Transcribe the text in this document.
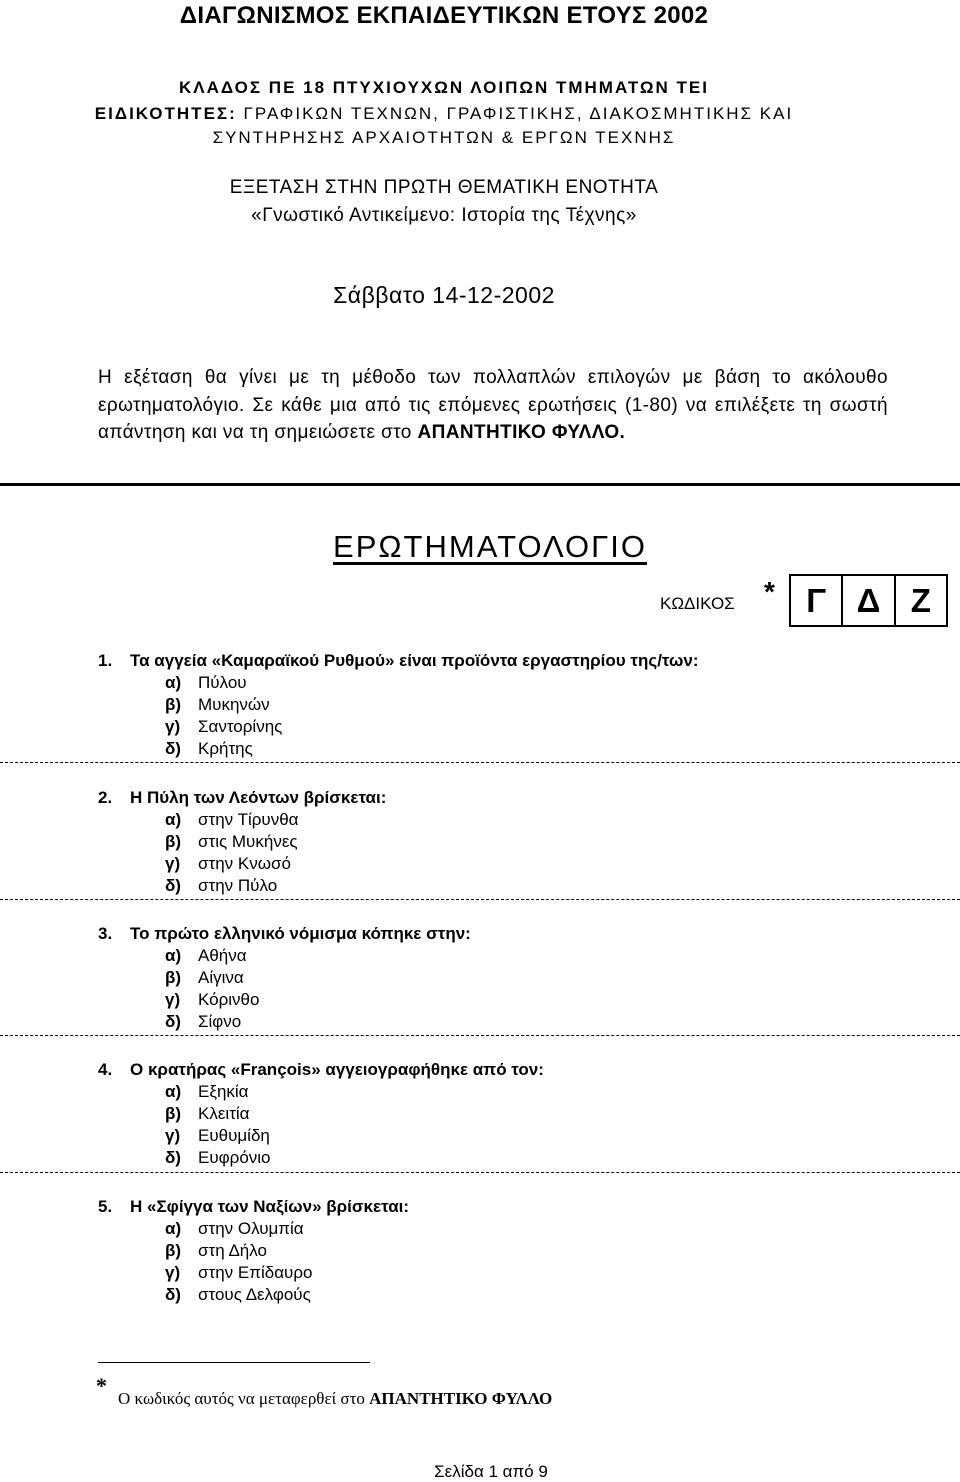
ΔΙΑΓΩΝΙΣΜΟΣ ΕΚΠΑΙΔΕΥΤΙΚΩΝ ΕΤΟΥΣ 2002
ΚΛΑΔΟΣ ΠΕ 18 ΠΤΥΧΙΟΥΧΩΝ ΛΟΙΠΩΝ ΤΜΗΜΑΤΩΝ ΤΕΙ
ΕΙΔΙΚΟΤΗΤΕΣ: ΓΡΑΦΙΚΩΝ ΤΕΧΝΩΝ, ΓΡΑΦΙΣΤΙΚΗΣ, ΔΙΑΚΟΣΜΗΤΙΚΗΣ ΚΑΙ
ΣΥΝΤΗΡΗΣΗΣ ΑΡΧΑΙΟΤΗΤΩΝ & ΕΡΓΩΝ ΤΕΧΝΗΣ
ΕΞΕΤΑΣΗ ΣΤΗΝ ΠΡΩΤΗ ΘΕΜΑΤΙΚΗ ΕΝΟΤΗΤΑ
«Γνωστικό Αντικείμενο: Ιστορία της Τέχνης»
Σάββατο 14-12-2002
Η εξέταση θα γίνει με τη μέθοδο των πολλαπλών επιλογών με βάση το ακόλουθο ερωτηματολόγιο. Σε κάθε μια από τις επόμενες ερωτήσεις (1-80) να επιλέξετε τη σωστή απάντηση και να τη σημειώσετε στο ΑΠΑΝΤΗΤΙΚΟ ΦΥΛΛΟ.
ΕΡΩΤΗΜΑΤΟΛΟΓΙΟ
ΚΩΔΙΚΟΣ * Γ Δ Ζ
1.	Τα αγγεία «Καμαραϊκού Ρυθμού» είναι προϊόντα εργαστηρίου της/των:
α) Πύλου
β) Μυκηνών
γ)	Σαντορίνης
δ)	Κρήτης
2.	Η Πύλη των Λεόντων βρίσκεται:
α) στην Τίρυνθα
β) στις Μυκήνες
γ)	στην Κνωσό
δ)	στην Πύλο
3.	Το πρώτο ελληνικό νόμισμα κόπηκε στην:
α) Αθήνα
β) Αίγινα
γ)	Κόρινθο
δ)	Σίφνο
4.	Ο κρατήρας «François» αγγειογραφήθηκε από τον:
α) Εξηκία
β) Κλειτία
γ)	Ευθυμίδη
δ)	Ευφρόνιο
5.	Η «Σφίγγα των Ναξίων» βρίσκεται:
α) στην Ολυμπία
β) στη Δήλο
γ)	στην Επίδαυρο
δ)	στους Δελφούς
*
Ο κωδικός αυτός να μεταφερθεί στο ΑΠΑΝΤΗΤΙΚΟ ΦΥΛΛΟ
Σελίδα 1 από 9
